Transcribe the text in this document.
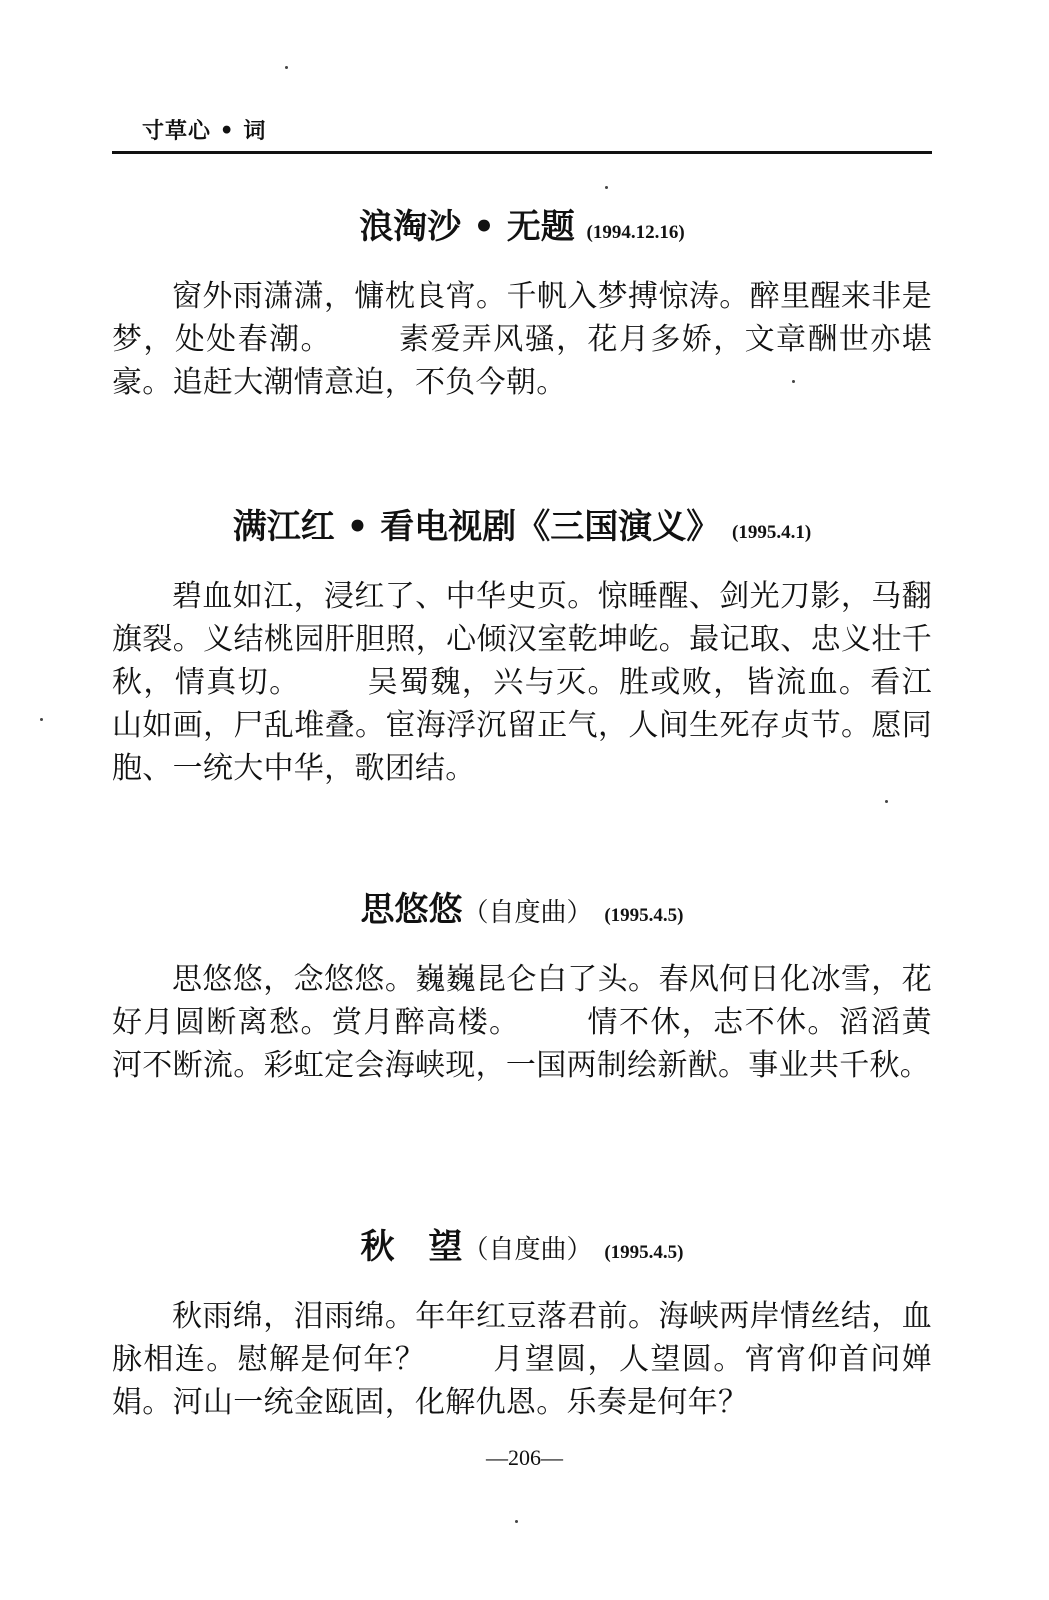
寸草心 • 词
浪淘沙 • 无题 (1994.12.16)
窗外雨潇潇，慵枕良宵。千帆入梦搏惊涛。醉里醒来非是梦，处处春潮。 素爱弄风骚，花月多娇，文章酬世亦堪豪。追赶大潮情意迫，不负今朝。
满江红 • 看电视剧《三国演义》 (1995.4.1)
碧血如江，浸红了、中华史页。惊睡醒、剑光刀影，马翻旗裂。义结桃园肝胆照，心倾汉室乾坤屹。最记取、忠义壮千秋，情真切。 吴蜀魏，兴与灭。胜或败，皆流血。看江山如画，尸乱堆叠。宦海浮沉留正气，人间生死存贞节。愿同胞、一统大中华，歌团结。
思悠悠（自度曲） (1995.4.5)
思悠悠，念悠悠。巍巍昆仑白了头。春风何日化冰雪，花好月圆断离愁。赏月醉高楼。 情不休，志不休。滔滔黄河不断流。彩虹定会海峡现，一国两制绘新猷。事业共千秋。
秋　望（自度曲） (1995.4.5)
秋雨绵，泪雨绵。年年红豆落君前。海峡两岸情丝结，血脉相连。慰解是何年？ 月望圆，人望圆。宵宵仰首问婵娟。河山一统金瓯固，化解仇恩。乐奏是何年？
—206—
